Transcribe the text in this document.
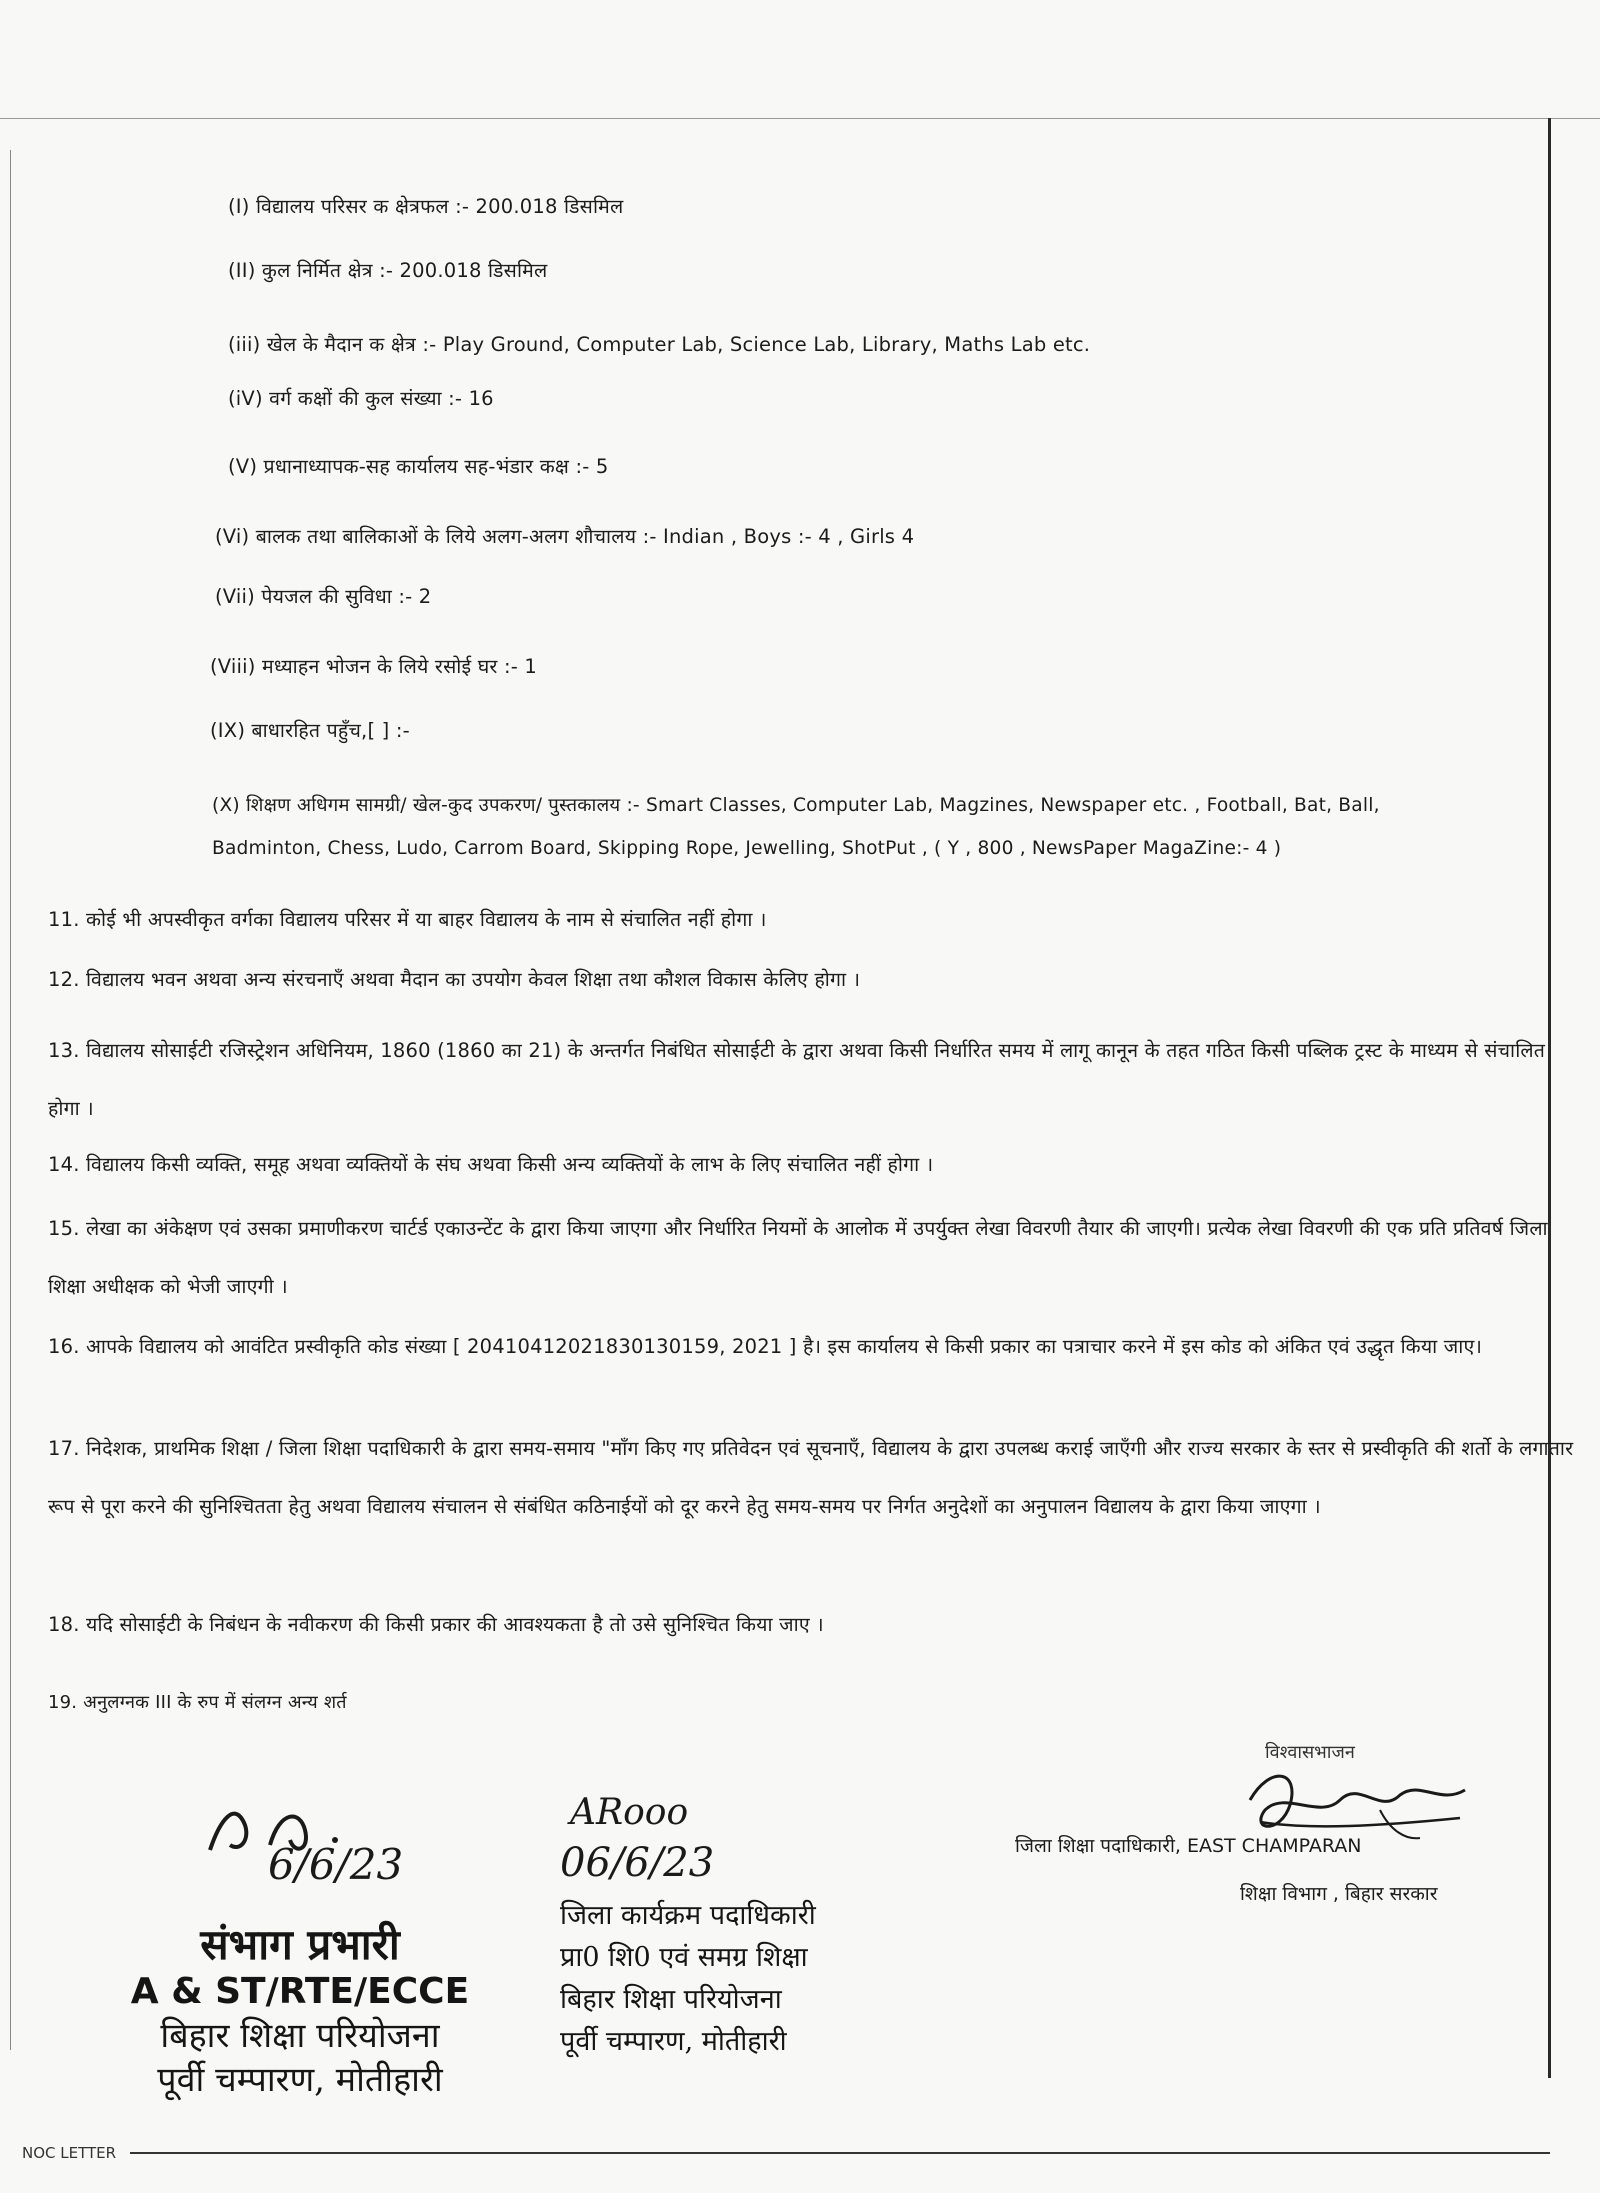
(I) विद्यालय परिसर क क्षेत्रफल :- 200.018 डिसमिल
(II) कुल निर्मित क्षेत्र :- 200.018 डिसमिल
(iii) खेल के मैदान क क्षेत्र :- Play Ground, Computer Lab, Science Lab, Library, Maths Lab etc.
(iV) वर्ग कक्षों की कुल संख्या :- 16
(V) प्रधानाध्यापक-सह कार्यालय सह-भंडार कक्ष :- 5
(Vi) बालक तथा बालिकाओं के लिये अलग-अलग शौचालय :- Indian , Boys :- 4 , Girls 4
(Vii) पेयजल की सुविधा :- 2
(Viii) मध्याहन भोजन के लिये रसोई घर :- 1
(IX) बाधारहित पहुँच,[ ] :-
(X) शिक्षण अधिगम सामग्री/ खेल-कुद उपकरण/ पुस्तकालय :- Smart Classes, Computer Lab, Magzines, Newspaper etc. , Football, Bat, Ball,
Badminton, Chess, Ludo, Carrom Board, Skipping Rope, Jewelling, ShotPut , ( Y , 800 , NewsPaper MagaZine:- 4 )
11. कोई भी अपस्वीकृत वर्गका विद्यालय परिसर में या बाहर विद्यालय के नाम से संचालित नहीं होगा ।
12. विद्यालय भवन अथवा अन्य संरचनाएँ अथवा मैदान का उपयोग केवल शिक्षा तथा कौशल विकास केलिए होगा ।
13. विद्यालय सोसाईटी रजिस्ट्रेशन अधिनियम, 1860 (1860 का 21) के अन्तर्गत निबंधित सोसाईटी के द्वारा अथवा किसी निर्धारित समय में लागू कानून के तहत गठित किसी पब्लिक ट्रस्ट के माध्यम से संचालित होगा ।
14. विद्यालय किसी व्यक्ति, समूह अथवा व्यक्तियों के संघ अथवा किसी अन्य व्यक्तियों के लाभ के लिए संचालित नहीं होगा ।
15. लेखा का अंकेक्षण एवं उसका प्रमाणीकरण चार्टर्ड एकाउन्टेंट के द्वारा किया जाएगा और निर्धारित नियमों के आलोक में उपर्युक्त लेखा विवरणी तैयार की जाएगी। प्रत्येक लेखा विवरणी की एक प्रति प्रतिवर्ष जिला शिक्षा अधीक्षक को भेजी जाएगी ।
16. आपके विद्यालय को आवंटित प्रस्वीकृति कोड संख्या [ 20410412021830130159, 2021 ] है। इस कार्यालय से किसी प्रकार का पत्राचार करने में इस कोड को अंकित एवं उद्धृत किया जाए।
17. निदेशक, प्राथमिक शिक्षा / जिला शिक्षा पदाधिकारी के द्वारा समय-समाय "माँग किए गए प्रतिवेदन एवं सूचनाएँ, विद्यालय के द्वारा उपलब्ध कराई जाएँगी और राज्य सरकार के स्तर से प्रस्वीकृति की शर्तो के लगातार रूप से पूरा करने की सुनिश्चितता हेतु अथवा विद्यालय संचालन से संबंधित कठिनाईयों को दूर करने हेतु समय-समय पर निर्गत अनुदेशों का अनुपालन विद्यालय के द्वारा किया जाएगा ।
18. यदि सोसाईटी के निबंधन के नवीकरण की किसी प्रकार की आवश्यकता है तो उसे सुनिश्चित किया जाए ।
19. अनुलग्नक III के रुप में संलग्न अन्य शर्त
विश्वासभाजन
जिला शिक्षा पदाधिकारी, EAST CHAMPARAN
शिक्षा विभाग , बिहार सरकार
6/6/23
संभाग प्रभारी
A & ST/RTE/ECCE
बिहार शिक्षा परियोजना
पूर्वी चम्पारण, मोतीहारी
ARooo
06/6/23
जिला कार्यक्रम पदाधिकारी
प्रा0 शि0 एवं समग्र शिक्षा
बिहार शिक्षा परियोजना
पूर्वी चम्पारण, मोतीहारी
NOC LETTER
